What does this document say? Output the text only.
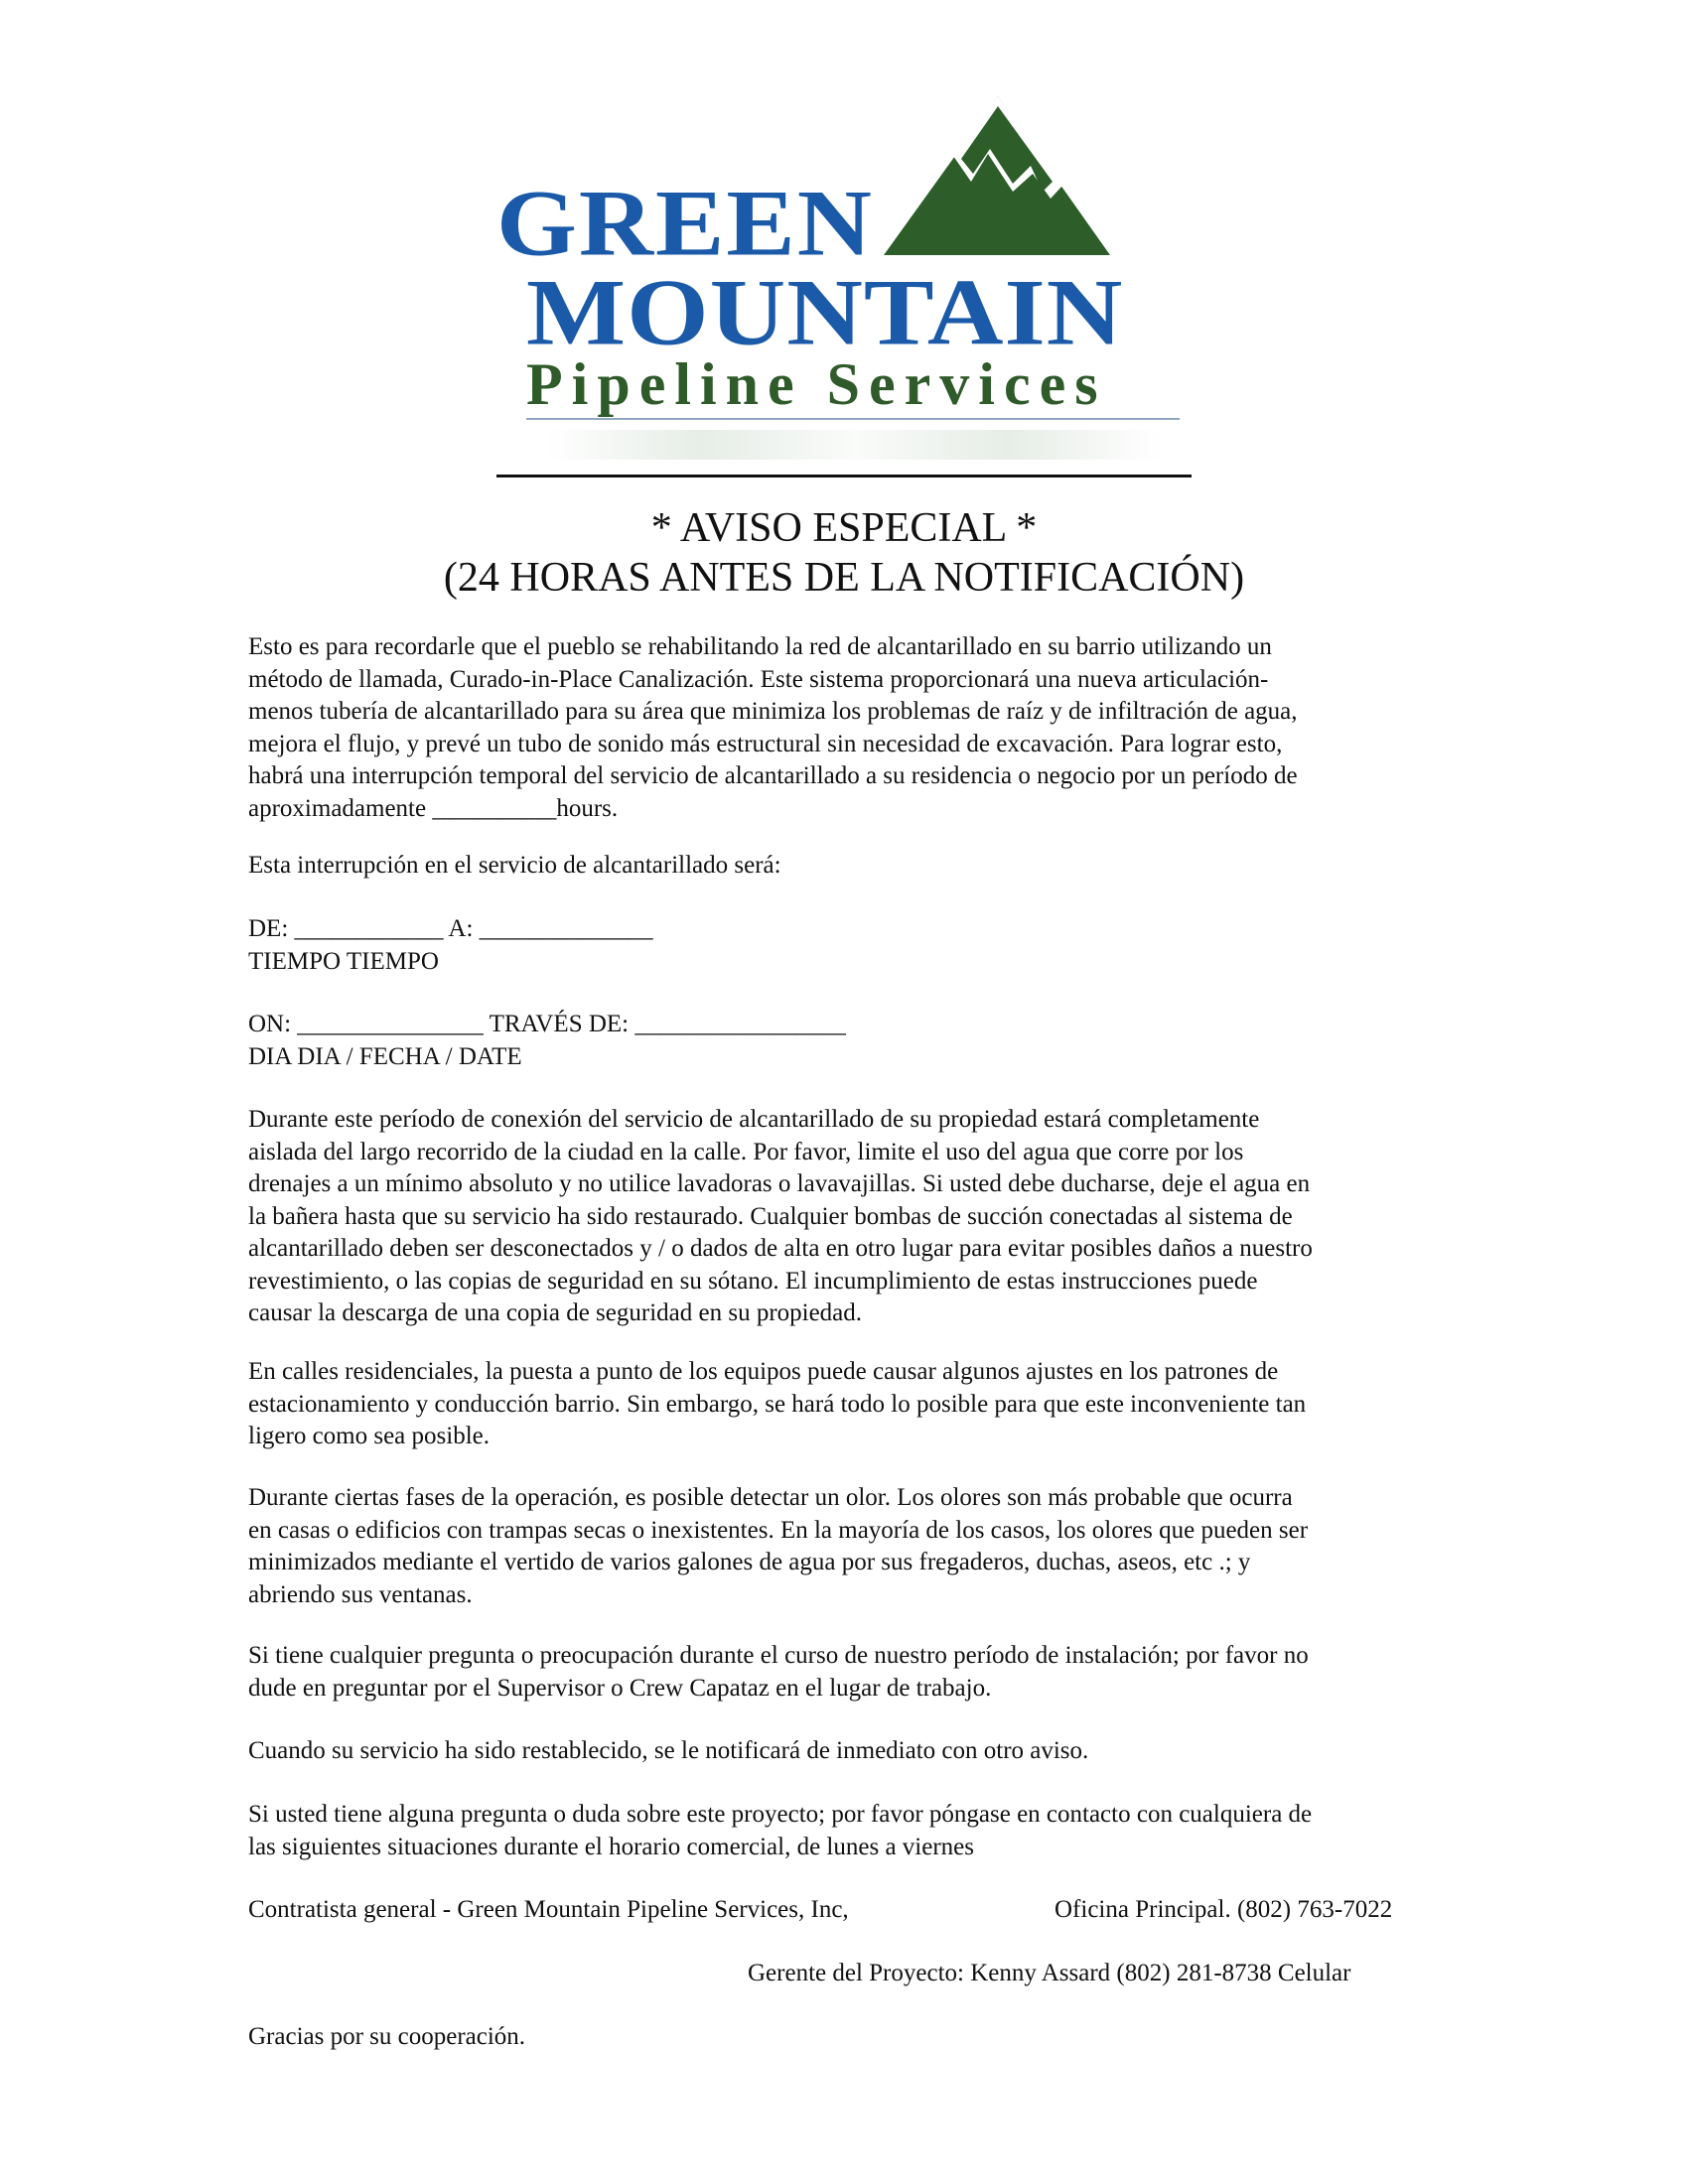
GREEN
MOUNTAIN
Pipeline Services
* AVISO ESPECIAL *
(24 HORAS ANTES DE LA NOTIFICACIÓN)
Esto es para recordarle que el pueblo se rehabilitando la red de alcantarillado en su barrio utilizando un
método de llamada, Curado-in-Place Canalización. Este sistema proporcionará una nueva articulación-
menos tubería de alcantarillado para su área que minimiza los problemas de raíz y de infiltración de agua,
mejora el flujo, y prevé un tubo de sonido más estructural sin necesidad de excavación. Para lograr esto,
habrá una interrupción temporal del servicio de alcantarillado a su residencia o negocio por un período de
aproximadamente __________hours.
Esta interrupción en el servicio de alcantarillado será:
DE: ____________ A: ______________
TIEMPO TIEMPO
ON: _______________ TRAVÉS DE: _________________
DIA DIA / FECHA / DATE
Durante este período de conexión del servicio de alcantarillado de su propiedad estará completamente
aislada del largo recorrido de la ciudad en la calle. Por favor, limite el uso del agua que corre por los
drenajes a un mínimo absoluto y no utilice lavadoras o lavavajillas. Si usted debe ducharse, deje el agua en
la bañera hasta que su servicio ha sido restaurado. Cualquier bombas de succión conectadas al sistema de
alcantarillado deben ser desconectados y / o dados de alta en otro lugar para evitar posibles daños a nuestro
revestimiento, o las copias de seguridad en su sótano. El incumplimiento de estas instrucciones puede
causar la descarga de una copia de seguridad en su propiedad.
En calles residenciales, la puesta a punto de los equipos puede causar algunos ajustes en los patrones de
estacionamiento y conducción barrio. Sin embargo, se hará todo lo posible para que este inconveniente tan
ligero como sea posible.
Durante ciertas fases de la operación, es posible detectar un olor. Los olores son más probable que ocurra
en casas o edificios con trampas secas o inexistentes. En la mayoría de los casos, los olores que pueden ser
minimizados mediante el vertido de varios galones de agua por sus fregaderos, duchas, aseos, etc .; y
abriendo sus ventanas.
Si tiene cualquier pregunta o preocupación durante el curso de nuestro período de instalación; por favor no
dude en preguntar por el Supervisor o Crew Capataz en el lugar de trabajo.
Cuando su servicio ha sido restablecido, se le notificará de inmediato con otro aviso.
Si usted tiene alguna pregunta o duda sobre este proyecto; por favor póngase en contacto con cualquiera de
las siguientes situaciones durante el horario comercial, de lunes a viernes
Contratista general - Green Mountain Pipeline Services, Inc,	Oficina Principal. (802) 763-7022
Gerente del Proyecto: Kenny Assard (802) 281-8738 Celular
Gracias por su cooperación.
